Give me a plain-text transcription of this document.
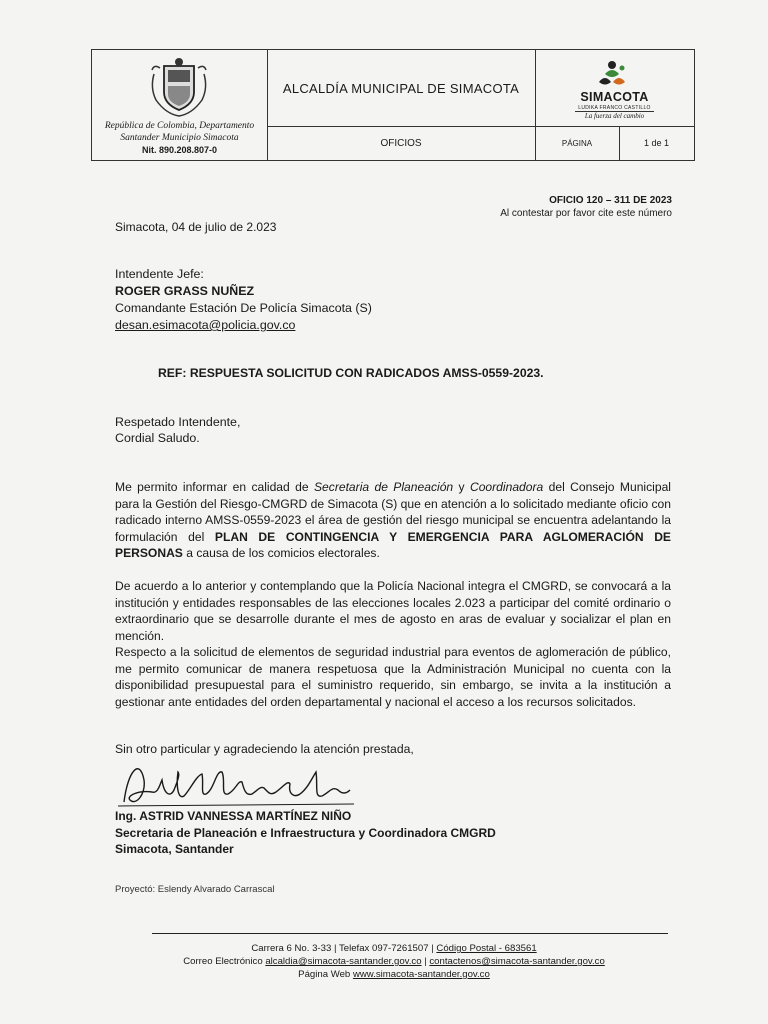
República de Colombia, Departamento Santander Municipio Simacota
Nit. 890.208.807-0
ALCALDÍA MUNICIPAL DE SIMACOTA
SIMACOTA
LUDIKA FRANCO CASTILLO
La fuerza del cambio
OFICIOS	PÁGINA	1 de 1
OFICIO 120 – 311 DE 2023
Al contestar por favor cite este número
Simacota, 04 de julio de 2.023
Intendente Jefe:
ROGER GRASS NUÑEZ
Comandante Estación De Policía Simacota (S)
desan.esimacota@policia.gov.co
REF: RESPUESTA SOLICITUD CON RADICADOS AMSS-0559-2023.
Respetado Intendente,
Cordial Saludo.
Me permito informar en calidad de Secretaria de Planeación y Coordinadora del Consejo Municipal para la Gestión del Riesgo-CMGRD de Simacota (S) que en atención a lo solicitado mediante oficio con radicado interno AMSS-0559-2023 el área de gestión del riesgo municipal se encuentra adelantando la formulación del PLAN DE CONTINGENCIA Y EMERGENCIA PARA AGLOMERACIÓN DE PERSONAS a causa de los comicios electorales.
De acuerdo a lo anterior y contemplando que la Policía Nacional integra el CMGRD, se convocará a la institución y entidades responsables de las elecciones locales 2.023 a participar del comité ordinario o extraordinario que se desarrolle durante el mes de agosto en aras de evaluar y socializar el plan en mención.
Respecto a la solicitud de elementos de seguridad industrial para eventos de aglomeración de público, me permito comunicar de manera respetuosa que la Administración Municipal no cuenta con la disponibilidad presupuestal para el suministro requerido, sin embargo, se invita a la institución a gestionar ante entidades del orden departamental y nacional el acceso a los recursos solicitados.
Sin otro particular y agradeciendo la atención prestada,
Ing. ASTRID VANNESSA MARTÍNEZ NIÑO
Secretaria de Planeación e Infraestructura y Coordinadora CMGRD
Simacota, Santander
Proyectó: Eslendy Alvarado Carrascal
Carrera 6 No. 3-33 | Telefax 097-7261507 | Código Postal - 683561
Correo Electrónico alcaldia@simacota-santander.gov.co | contactenos@simacota-santander.gov.co
Página Web www.simacota-santander.gov.co
